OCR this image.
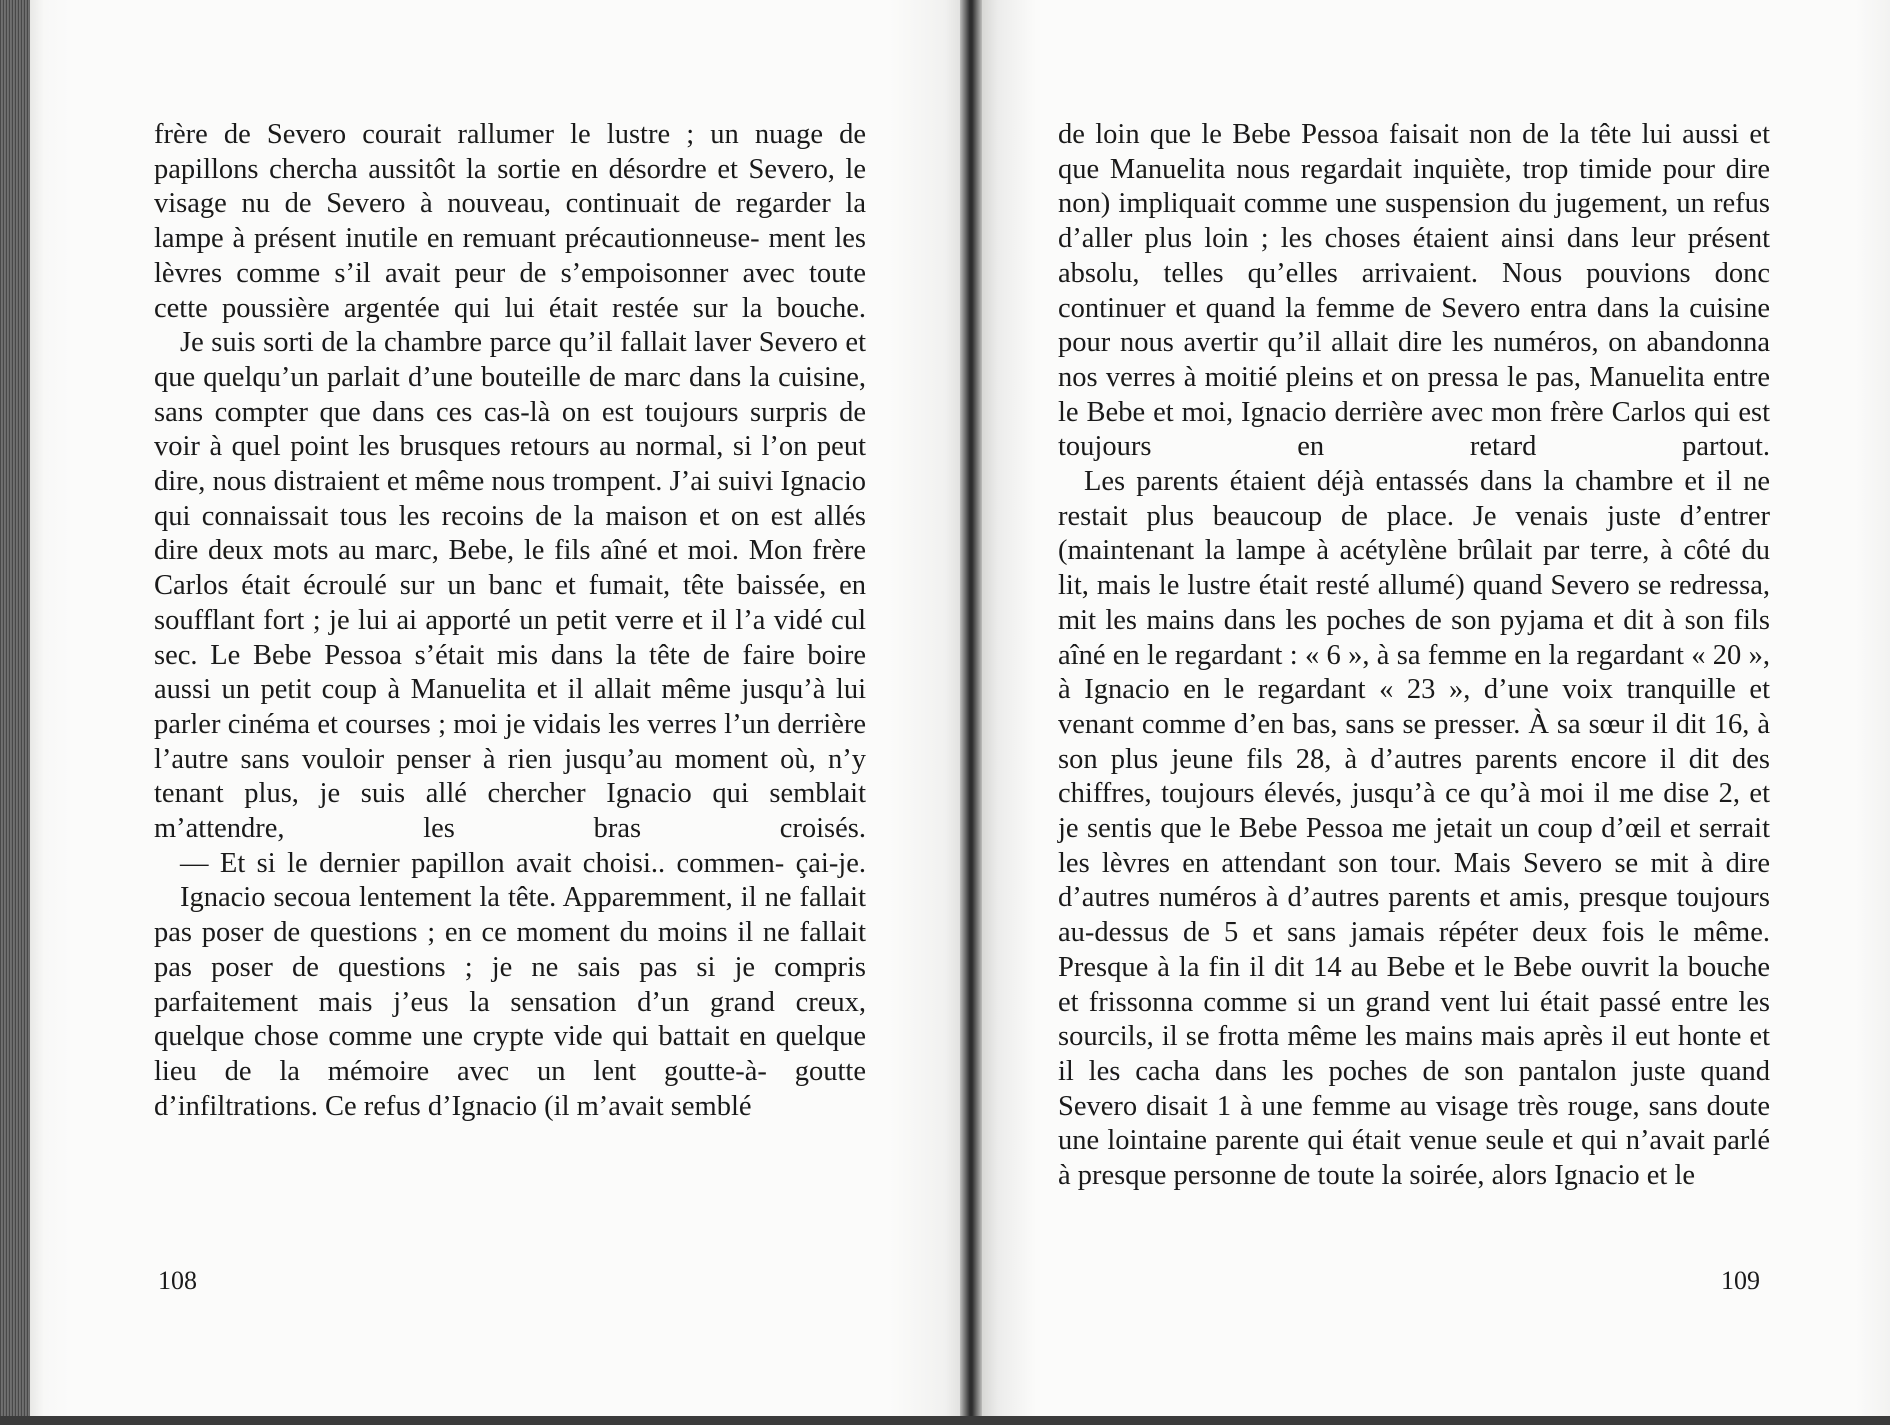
frère de Severo courait rallumer le lustre ; un nuage de papillons chercha aussitôt la sortie en désordre et Severo, le visage nu de Severo à nouveau, continuait de regarder la lampe à présent inutile en remuant précautionneuse- ment les lèvres comme s’il avait peur de s’empoisonner avec toute cette poussière argentée qui lui était restée sur la bouche.

Je suis sorti de la chambre parce qu’il fallait laver Severo et que quelqu’un parlait d’une bouteille de marc dans la cuisine, sans compter que dans ces cas-là on est toujours surpris de voir à quel point les brusques retours au normal, si l’on peut dire, nous distraient et même nous trompent. J’ai suivi Ignacio qui connaissait tous les recoins de la maison et on est allés dire deux mots au marc, Bebe, le fils aîné et moi. Mon frère Carlos était écroulé sur un banc et fumait, tête baissée, en soufflant fort ; je lui ai apporté un petit verre et il l’a vidé cul sec. Le Bebe Pessoa s’était mis dans la tête de faire boire aussi un petit coup à Manuelita et il allait même jusqu’à lui parler cinéma et courses ; moi je vidais les verres l’un derrière l’autre sans vouloir penser à rien jusqu’au moment où, n’y tenant plus, je suis allé chercher Ignacio qui semblait m’attendre, les bras croisés.

— Et si le dernier papillon avait choisi.. commen- çai-je.

Ignacio secoua lentement la tête. Apparemment, il ne fallait pas poser de questions ; en ce moment du moins il ne fallait pas poser de questions ; je ne sais pas si je compris parfaitement mais j’eus la sensation d’un grand creux, quelque chose comme une crypte vide qui battait en quelque lieu de la mémoire avec un lent goutte-à- goutte d’infiltrations. Ce refus d’Ignacio (il m’avait semblé

de loin que le Bebe Pessoa faisait non de la tête lui aussi et que Manuelita nous regardait inquiète, trop timide pour dire non) impliquait comme une suspension du jugement, un refus d’aller plus loin ; les choses étaient ainsi dans leur présent absolu, telles qu’elles arrivaient. Nous pouvions donc continuer et quand la femme de Severo entra dans la cuisine pour nous avertir qu’il allait dire les numéros, on abandonna nos verres à moitié pleins et on pressa le pas, Manuelita entre le Bebe et moi, Ignacio derrière avec mon frère Carlos qui est toujours en retard partout.

Les parents étaient déjà entassés dans la chambre et il ne restait plus beaucoup de place. Je venais juste d’entrer (maintenant la lampe à acétylène brûlait par terre, à côté du lit, mais le lustre était resté allumé) quand Severo se redressa, mit les mains dans les poches de son pyjama et dit à son fils aîné en le regardant : « 6 », à sa femme en la regardant « 20 », à Ignacio en le regardant « 23 », d’une voix tranquille et venant comme d’en bas, sans se presser. À sa sœur il dit 16, à son plus jeune fils 28, à d’autres parents encore il dit des chiffres, toujours élevés, jusqu’à ce qu’à moi il me dise 2, et je sentis que le Bebe Pessoa me jetait un coup d’œil et serrait les lèvres en attendant son tour. Mais Severo se mit à dire d’autres numéros à d’autres parents et amis, presque toujours au-dessus de 5 et sans jamais répéter deux fois le même. Presque à la fin il dit 14 au Bebe et le Bebe ouvrit la bouche et frissonna comme si un grand vent lui était passé entre les sourcils, il se frotta même les mains mais après il eut honte et il les cacha dans les poches de son pantalon juste quand Severo disait 1 à une femme au visage très rouge, sans doute une lointaine parente qui était venue seule et qui n’avait parlé à presque personne de toute la soirée, alors Ignacio et le

108	109
